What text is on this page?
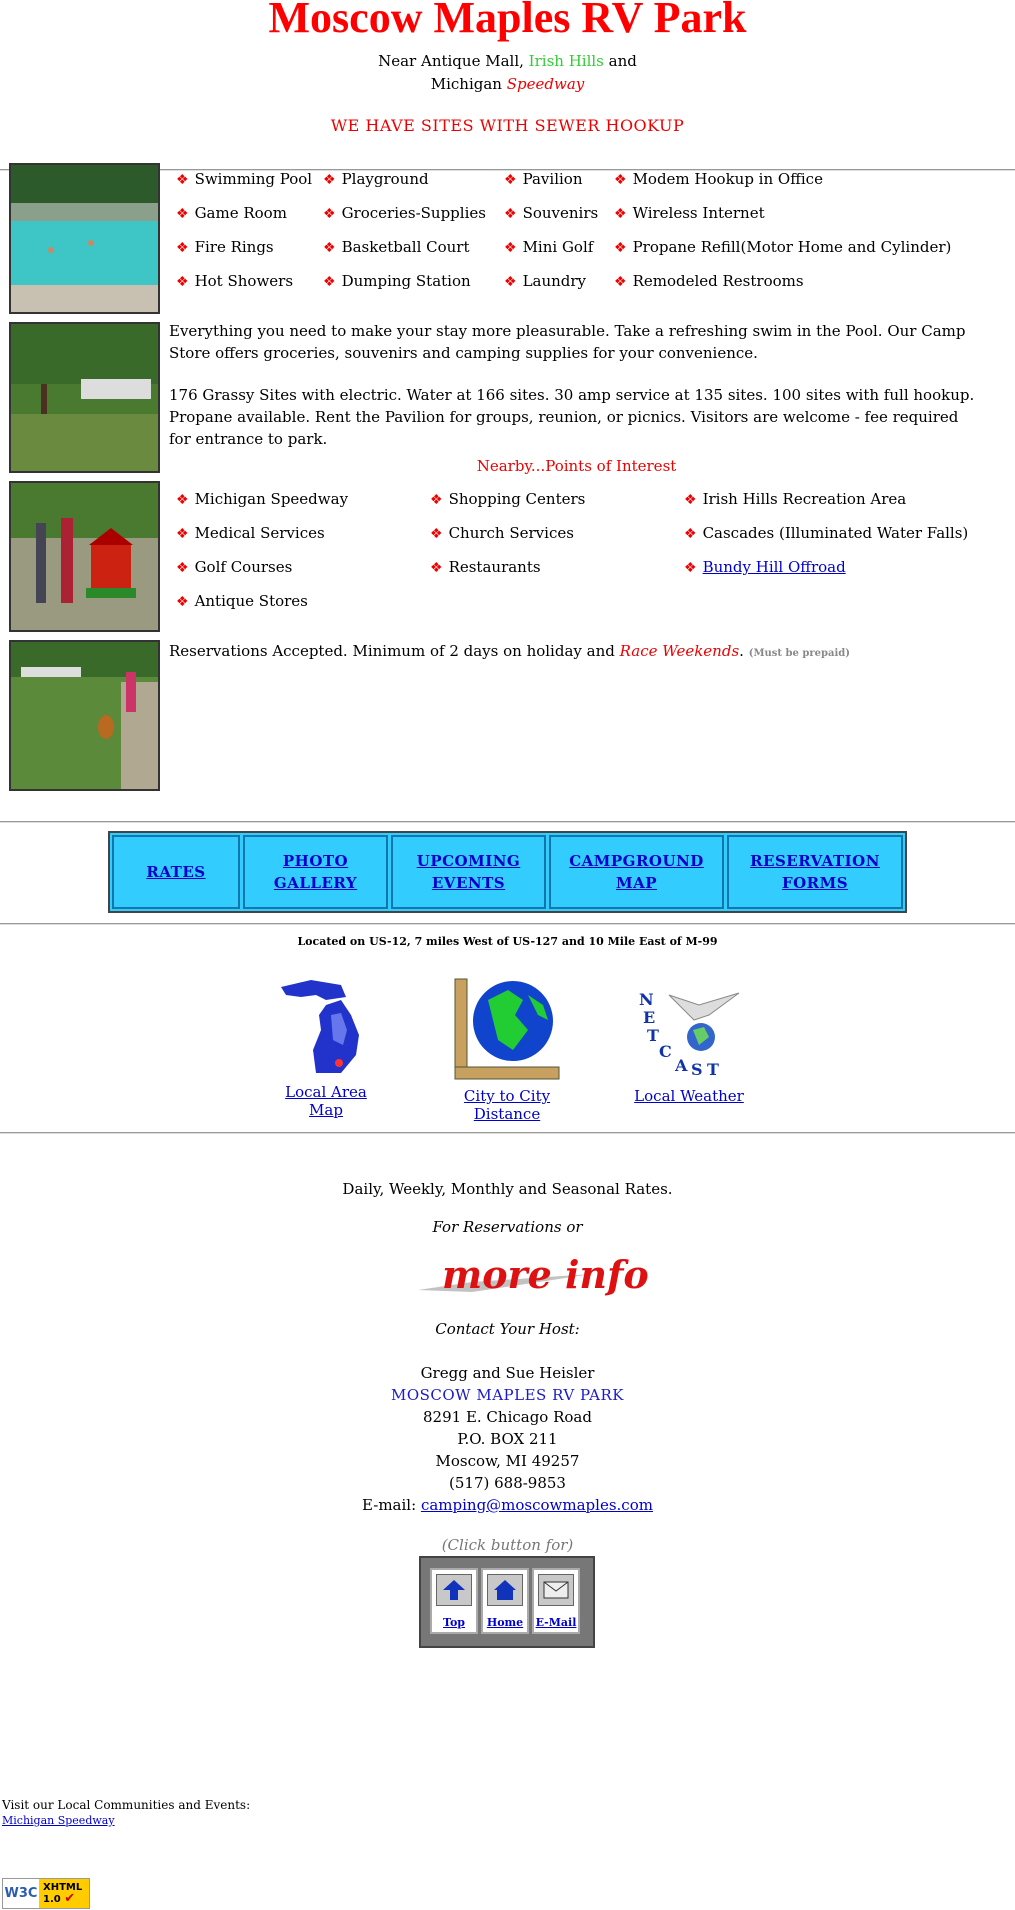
Moscow Maples RV Park
Near Antique Mall, Irish Hills and
Michigan Speedway
WE HAVE SITES WITH SEWER HOOKUP
❖ Swimming Pool ❖ Playground	❖ Pavilion ❖ Modem Hookup in Office
❖ Game Room	❖ Groceries-Supplies ❖ Souvenirs ❖ Wireless Internet
❖ Fire Rings	❖ Basketball Court ❖ Mini Golf ❖ Propane Refill(Motor Home and Cylinder)
❖ Hot Showers ❖ Dumping Station ❖ Laundry ❖ Remodeled Restrooms
Everything you need to make your stay more pleasurable. Take a refreshing swim in the Pool. Our Camp Store offers groceries, souvenirs and camping supplies for your convenience.
176 Grassy Sites with electric. Water at 166 sites. 30 amp service at 135 sites. 100 sites with full hookup. Propane available. Rent the Pavilion for groups, reunion, or picnics. Visitors are welcome - fee required for entrance to park.
Nearby...Points of Interest
❖ Michigan Speedway	❖ Shopping Centers	❖ Irish Hills Recreation Area
❖ Medical Services	❖ Church Services	❖ Cascades (Illuminated Water Falls)
❖ Golf Courses	❖ Restaurants	❖ Bundy Hill Offroad
❖ Antique Stores
Reservations Accepted. Minimum of 2 days on holiday and Race Weekends. (Must be prepaid)
RATES
PHOTO
GALLERY
UPCOMING
EVENTS
CAMPGROUND
MAP
RESERVATION
FORMS
Located on US-12, 7 miles West of US-127 and 10 Mile East of M-99
Local Area Map
City to City Distance
N
E
T
C
A S T
Local Weather
Daily, Weekly, Monthly and Seasonal Rates.
For Reservations or
more info
Contact Your Host:
Gregg and Sue Heisler
MOSCOW MAPLES RV PARK
8291 E. Chicago Road
P.O. BOX 211
Moscow, MI 49257
(517) 688-9853
E-mail: camping@moscowmaples.com
(Click button for)
Top	Home	E-Mail
Visit our Local Communities and Events:
Michigan Speedway
W3C XHTML
1.0 ✔
